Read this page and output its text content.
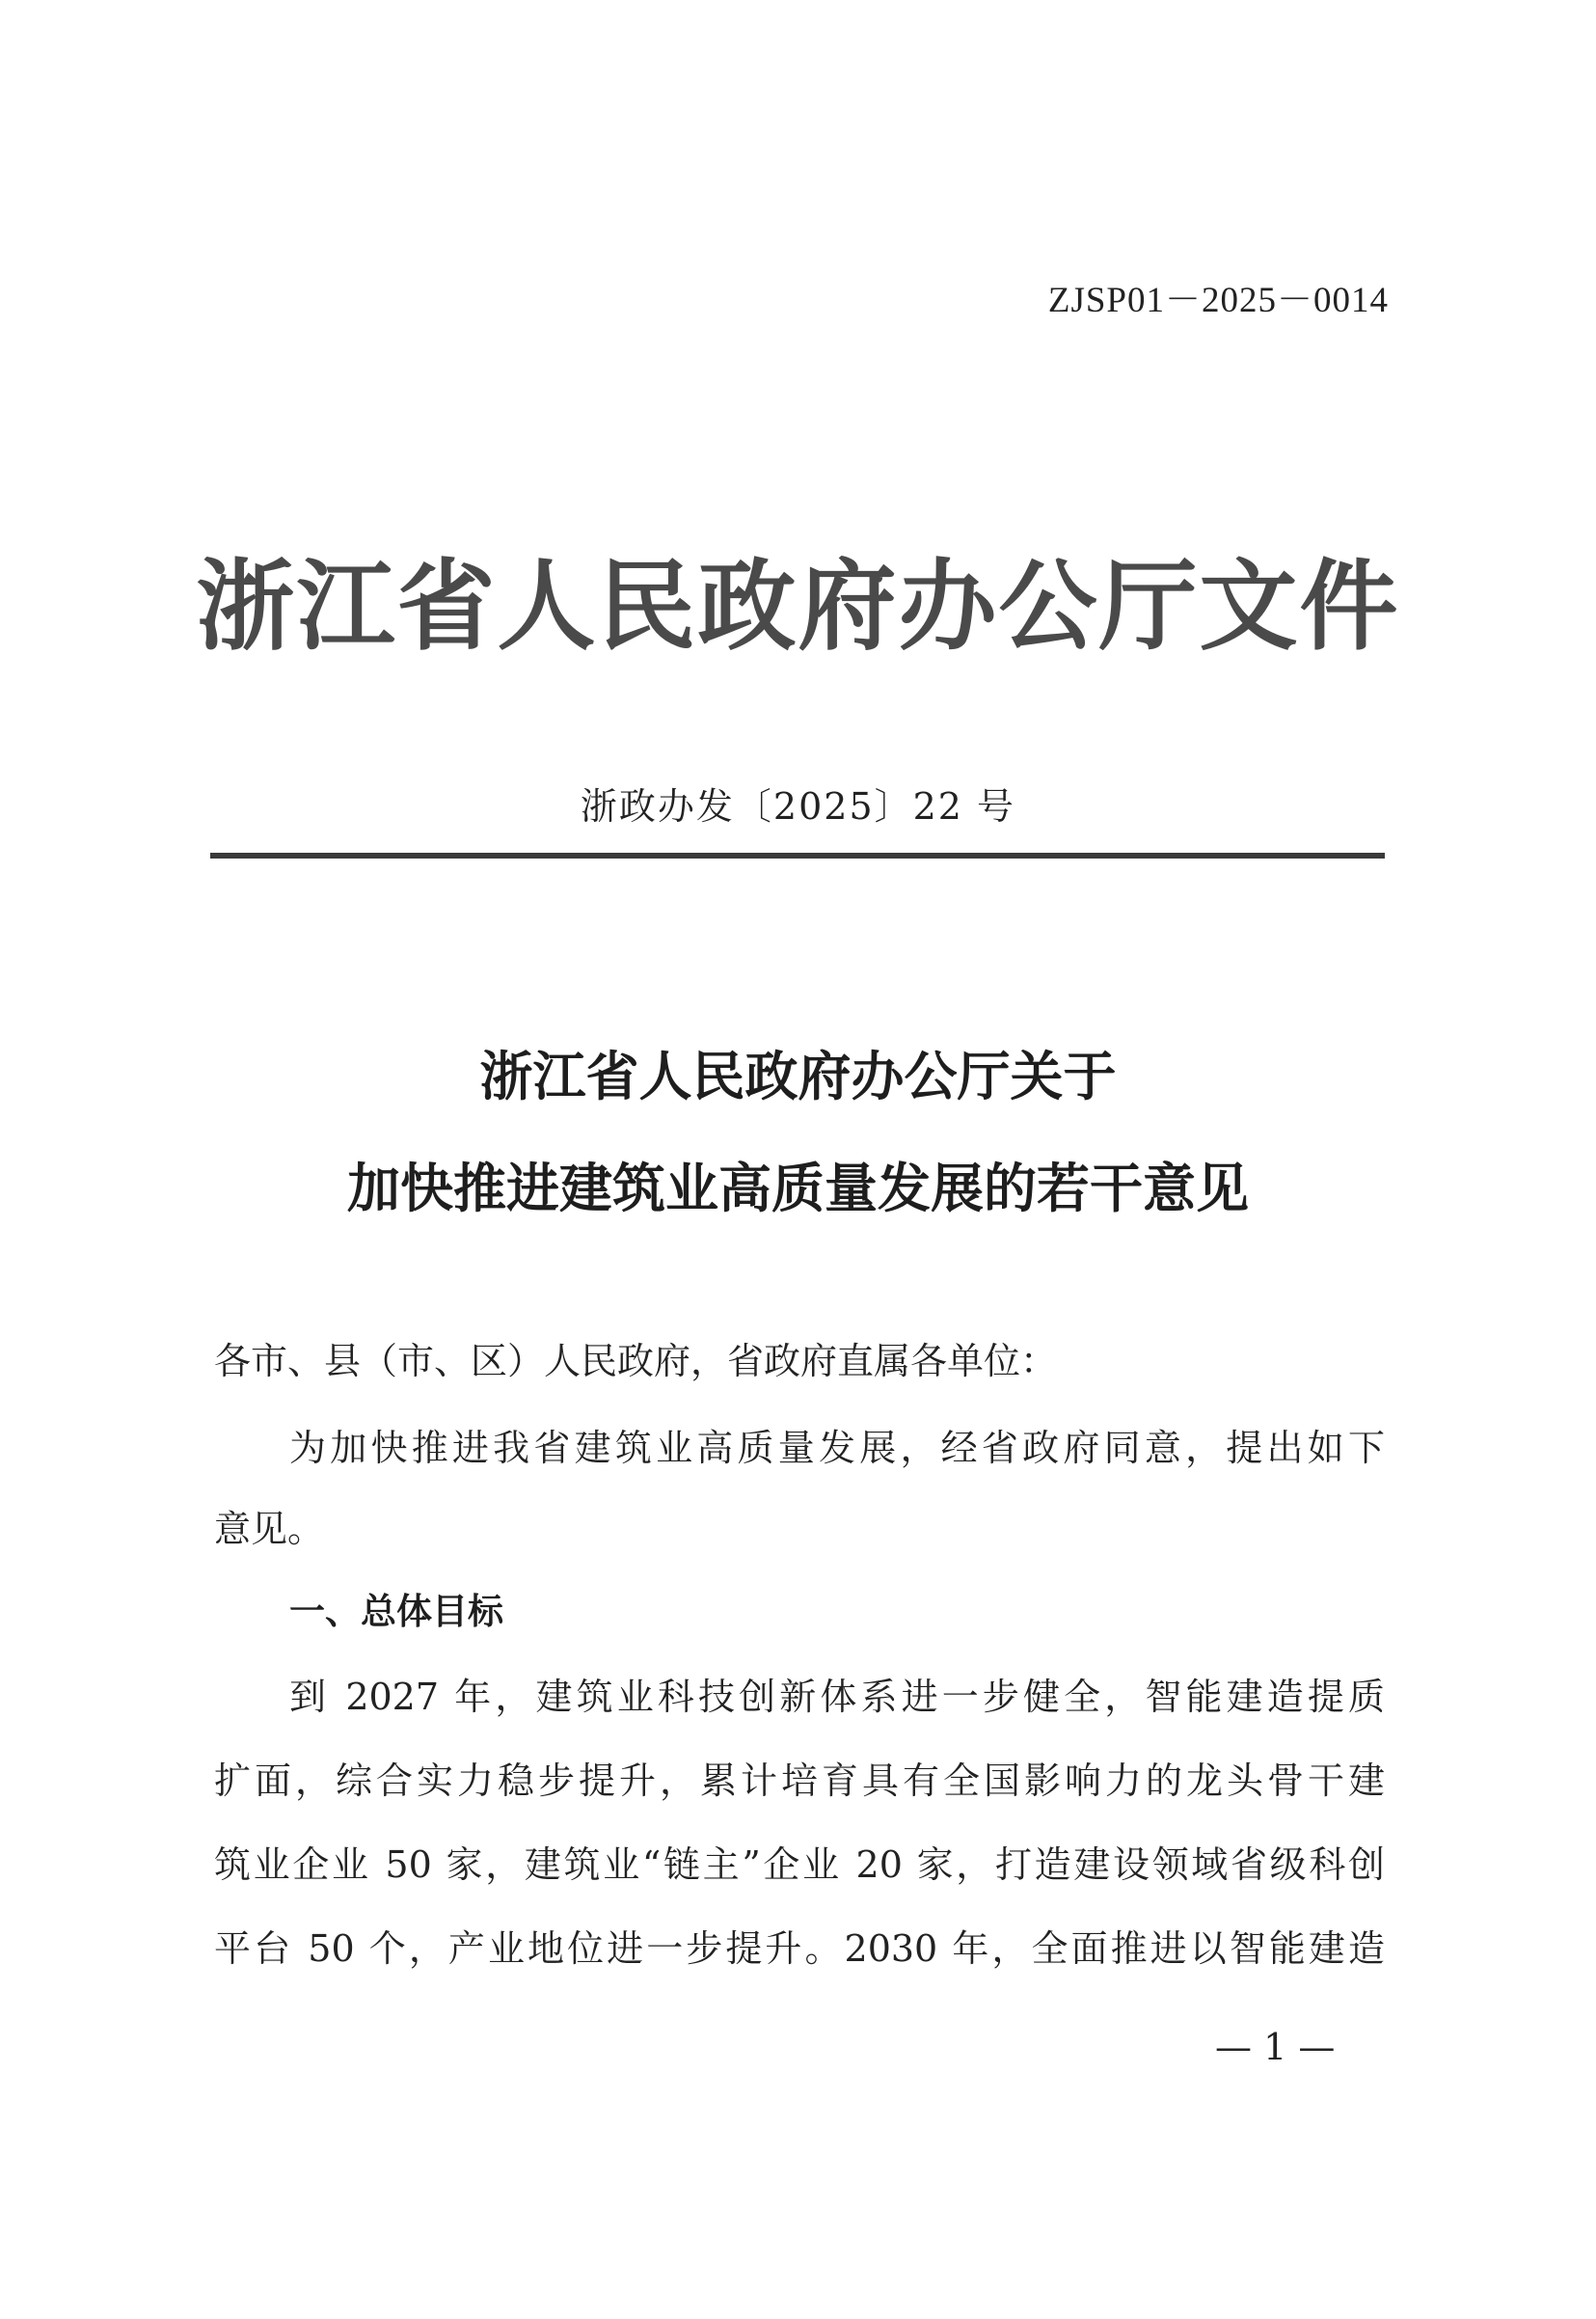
ZJSP01－2025－0014
浙江省人民政府办公厅文件
浙政办发〔2025〕22 号
浙江省人民政府办公厅关于
加快推进建筑业高质量发展的若干意见
各市、县（市、区）人民政府，省政府直属各单位：
为加快推进我省建筑业高质量发展，经省政府同意，提出如下
意见。
一、总体目标
到 2027 年，建筑业科技创新体系进一步健全，智能建造提质
扩面，综合实力稳步提升，累计培育具有全国影响力的龙头骨干建
筑业企业 50 家，建筑业“链主”企业 20 家，打造建设领域省级科创
平台 50 个，产业地位进一步提升。2030 年，全面推进以智能建造
— 1 —
